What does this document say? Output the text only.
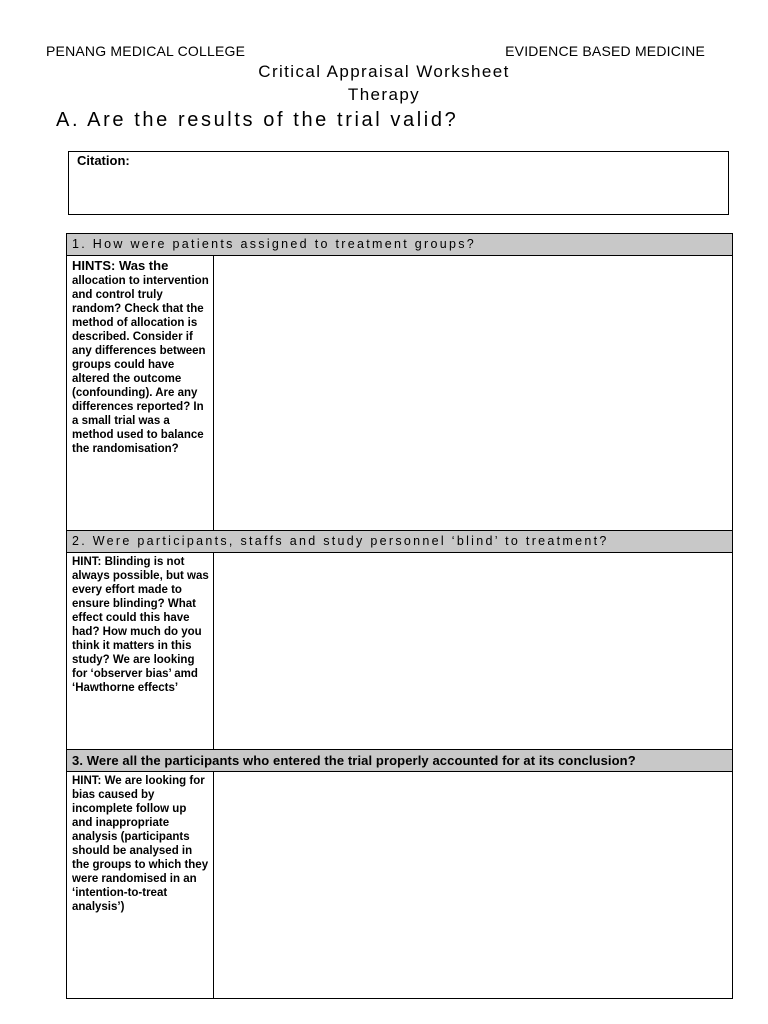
PENANG MEDICAL COLLEGE	EVIDENCE BASED MEDICINE
Critical Appraisal Worksheet
Therapy
A. Are the results of the trial valid?
Citation:
1. How were patients assigned to treatment groups?
HINTS: Was the
allocation to intervention and control truly random? Check that the method of allocation is described. Consider if any differences between groups could have altered the outcome (confounding). Are any differences reported? In a small trial was a method used to balance the randomisation?
2. Were participants, staffs and study personnel ‘blind’ to treatment?
HINT: Blinding is not always possible, but was every effort made to ensure blinding? What effect could this have had? How much do you think it matters in this study? We are looking for ‘observer bias’ amd ‘Hawthorne effects’
3. Were all the participants who entered the trial properly accounted for at its conclusion?
HINT: We are looking for bias caused by incomplete follow up and inappropriate analysis (participants should be analysed in the groups to which they were randomised in an ‘intention-to-treat analysis’)
